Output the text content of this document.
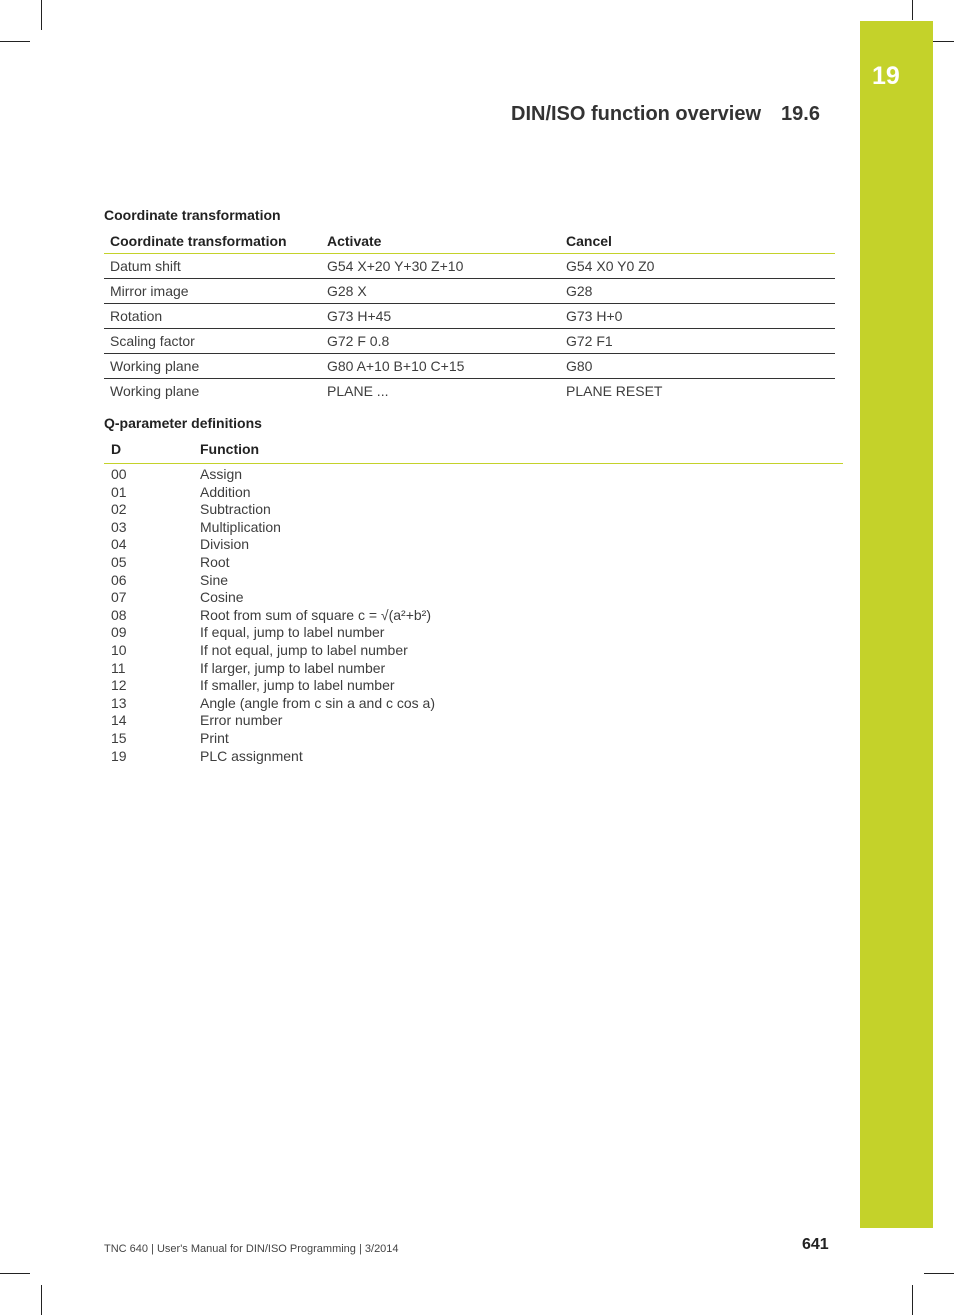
19
DIN/ISO function overview 19.6
Coordinate transformation
Coordinate transformation	Activate	Cancel
Datum shift	G54 X+20 Y+30 Z+10	G54 X0 Y0 Z0
Mirror image	G28 X	G28
Rotation	G73 H+45	G73 H+0
Scaling factor	G72 F 0.8	G72 F1
Working plane	G80 A+10 B+10 C+15	G80
Working plane	PLANE ...	PLANE RESET
Q-parameter definitions
D	Function
00	Assign
01	Addition
02	Subtraction
03	Multiplication
04	Division
05	Root
06	Sine
07	Cosine
08	Root from sum of square c = √(a²+b²)
09	If equal, jump to label number
10	If not equal, jump to label number
11	If larger, jump to label number
12	If smaller, jump to label number
13	Angle (angle from c sin a and c cos a)
14	Error number
15	Print
19	PLC assignment
TNC 640 | User's Manual for DIN/ISO Programming | 3/2014	641
